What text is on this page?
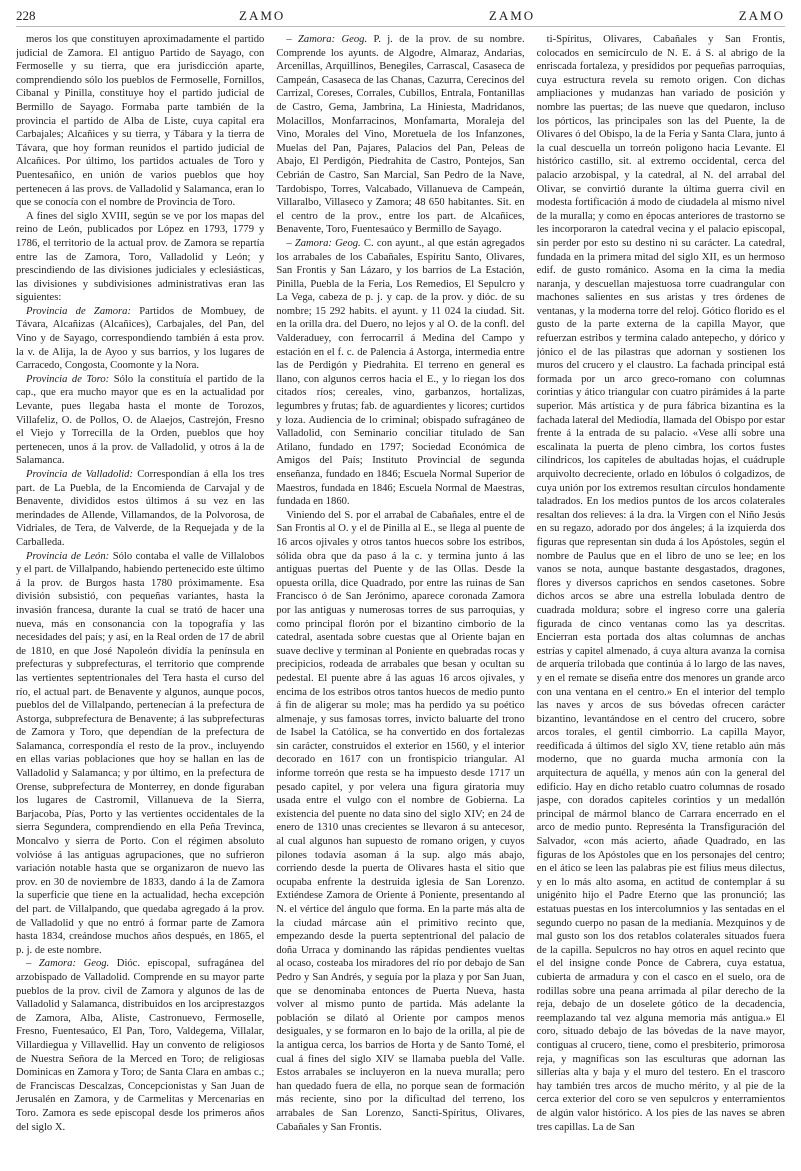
228	ZAMO	ZAMO	ZAMO

meros los que constituyen aproximadamente el partido judicial de Zamora. El antiguo Partido de Sayago, con Fermoselle y su tierra, que era jurisdicción aparte, comprendiendo sólo los pueblos de Fermoselle, Fornillos, Cibanal y Pinilla, constituye hoy el partido judicial de Bermillo de Sayago. Formaba parte también de la provincia el partido de Alba de Liste, cuya capital era Carbajales; Alcañices y su tierra, y Tábara y la tierra de Távara, que hoy forman reunidos el partido judicial de Alcañices. Por último, los partidos actuales de Toro y Puentesañico, en unión de varios pueblos que hoy pertenecen á las provs. de Valladolid y Salamanca, eran lo que se conocía con el nombre de Provincia de Toro.

A fines del siglo XVIII, según se ve por los mapas del reino de León, publicados por López en 1793, 1779 y 1786, el territorio de la actual prov. de Zamora se repartía entre las de Zamora, Toro, Valladolid y León; y prescindiendo de las divisiones judiciales y eclesiásticas, las divisiones y subdivisiones administrativas eran las siguientes:

Provincia de Zamora: Partidos de Mombuey, de Távara, Alcañizas (Alcañices), Carbajales, del Pan, del Vino y de Sayago, correspondiendo también á esta prov. la v. de Alija, la de Ayoo y sus barrios, y los lugares de Carracedo, Congosta, Coomonte y la Nora.

Provincia de Toro: Sólo la constituía el partido de la cap., que era mucho mayor que es en la actualidad por Levante, pues llegaba hasta el monte de Torozos, Villafeliz, O. de Pollos, O. de Alaejos, Castrejón, Fresno el Viejo y Torrecilla de la Orden, pueblos que hoy pertenecen, unos á la prov. de Valladolid, y otros á la de Salamanca.

Provincia de Valladolid: Correspondían á ella los tres part. de La Puebla, de la Encomienda de Carvajal y de Benavente, divididos estos últimos á su vez en las merindades de Allende, Villamandos, de la Polvorosa, de Vidriales, de Tera, de Valverde, de la Requejada y de la Carballeda.

Provincia de León: Sólo contaba el valle de Villalobos y el part. de Villalpando, habiendo pertenecido este último á la prov. de Burgos hasta 1780 próximamente. Esa división subsistió, con pequeñas variantes, hasta la invasión francesa, durante la cual se trató de hacer una nueva, más en consonancia con la topografía y las necesidades del país; y así, en la Real orden de 17 de abril de 1810, en que José Napoleón dividía la península en prefecturas y subprefecturas, el territorio que comprende las vertientes septentrionales del Tera hasta el curso del río, el actual part. de Benavente y algunos, aunque pocos, pueblos del de Villalpando, pertenecían á la prefectura de Astorga, subprefectura de Benavente; á las subprefecturas de Zamora y Toro, que dependían de la prefectura de Salamanca, correspondía el resto de la prov., incluyendo en ellas varias poblaciones que hoy se hallan en las de Valladolid y Salamanca; y por último, en la prefectura de Orense, subprefectura de Monterrey, en donde figuraban los lugares de Castromil, Villanueva de la Sierra, Barjacoba, Pías, Porto y las vertientes occidentales de la sierra Segundera, comprendiendo en ella Peña Trevinca, Moncalvo y sierra de Porto. Con el régimen absoluto volvióse á las antiguas agrupaciones, que no sufrieron variación notable hasta que se organizaron de nuevo las prov. en 30 de noviembre de 1833, dando á la de Zamora la superficie que tiene en la actualidad, hecha excepción del part. de Villalpando, que quedaba agregado á la prov. de Valladolid y que no entró á formar parte de Zamora hasta 1834, creándose muchos años después, en 1865, el p. j. de este nombre.

– Zamora: Geog. Dióc. episcopal, sufragánea del arzobispado de Valladolid. Comprende en su mayor parte pueblos de la prov. civil de Zamora y algunos de las de Valladolid y Salamanca, distribuidos en los arciprestazgos de Zamora, Alba, Aliste, Castronuevo, Fermoselle, Fresno, Fuentesaúco, El Pan, Toro, Valdegema, Villalar, Villardiegua y Villavellid. Hay un convento de religiosos de Nuestra Señora de la Merced en Toro; de religiosas Dominicas en Zamora y Toro; de Santa Clara en ambas c.; de Franciscas Descalzas, Concepcionistas y San Juan de Jerusalén en Zamora, y de Carmelitas y Mercenarias en Toro. Zamora es sede episcopal desde los primeros años del siglo X.

– Zamora: Geog. P. j. de la prov. de su nombre. Comprende los ayunts. de Algodre, Almaraz, Andarias, Arcenillas, Arquillinos, Benegiles, Carrascal, Casaseca de Campeán, Casaseca de las Chanas, Cazurra, Cerecinos del Carrizal, Coreses, Corrales, Cubillos, Entrala, Fontanillas de Castro, Gema, Jambrina, La Hiniesta, Madridanos, Molacillos, Monfarracinos, Monfamarta, Moraleja del Vino, Morales del Vino, Moretuela de los Infanzones, Muelas del Pan, Pajares, Palacios del Pan, Peleas de Abajo, El Perdigón, Piedrahita de Castro, Pontejos, San Cebrián de Castro, San Marcial, San Pedro de la Nave, Tardobispo, Torres, Valcabado, Villanueva de Campeán, Villaralbo, Villaseco y Zamora; 48 650 habitantes. Sit. en el centro de la prov., entre los part. de Alcañices, Benavente, Toro, Fuentesaúco y Bermillo de Sayago.

– Zamora: Geog. C. con ayunt., al que están agregados los arrabales de los Cabañales, Espíritu Santo, Olivares, San Frontis y San Lázaro, y los barrios de La Estación, Pinilla, Puebla de la Feria, Los Remedios, El Sepulcro y La Vega, cabeza de p. j. y cap. de la prov. y dióc. de su nombre; 15 292 habits. el ayunt. y 11 024 la ciudad. Sit. en la orilla dra. del Duero, no lejos y al O. de la confl. del Valderaduey, con ferrocarril á Medina del Campo y estación en el f. c. de Palencia á Astorga, intermedia entre las de Perdigón y Piedrahita. El terreno en general es llano, con algunos cerros hacia el E., y lo riegan los dos citados ríos; cereales, vino, garbanzos, hortalizas, legumbres y frutas; fab. de aguardientes y licores; curtidos y loza. Audiencia de lo criminal; obispado sufragáneo de Valladolid, con Seminario conciliar titulado de San Atilano, fundado en 1797; Sociedad Económica de Amigos del País; Instituto Provincial de segunda enseñanza, fundado en 1846; Escuela Normal Superior de Maestros, fundada en 1846; Escuela Normal de Maestras, fundada en 1860.

Viniendo del S. por el arrabal de Cabañales, entre el de San Frontis al O. y el de Pinilla al E., se llega al puente de 16 arcos ojivales y otros tantos huecos sobre los estribos, sólida obra que da paso á la c. y termina junto á las antiguas puertas del Puente y de las Ollas. Desde la opuesta orilla, dice Quadrado, por entre las ruinas de San Francisco ó de San Jerónimo, aparece coronada Zamora por las antiguas y numerosas torres de sus parroquias, y como principal florón por el bizantino cimborio de la catedral, asentada sobre cuestas que al Oriente bajan en suave declive y terminan al Poniente en quebradas rocas y precipicios, rodeada de arrabales que besan y ocultan su pedestal. El puente abre á las aguas 16 arcos ojivales, y encima de los estribos otros tantos huecos de medio punto á fin de aligerar su mole; mas ha perdido ya su poético almenaje, y sus famosas torres, invicto baluarte del trono de Isabel la Católica, se ha convertido en dos fortalezas sin carácter, construidos el exterior en 1560, y el interior decorado en 1617 con un frontispicio triangular. Al informe torreón que resta se ha impuesto desde 1717 un pesado capitel, y por velera una figura giratoria muy usada entre el vulgo con el nombre de Gobierna. La existencia del puente no data sino del siglo XIV; en 24 de enero de 1310 unas crecientes se llevaron á su antecesor, al cual algunos han supuesto de romano origen, y cuyos pilones todavía asoman á la sup. algo más abajo, corriendo desde la puerta de Olivares hasta el sitio que ocupaba enfrente la destruida iglesia de San Lorenzo. Extiéndese Zamora de Oriente á Poniente, presentando al N. el vértice del ángulo que forma. En la parte más alta de la ciudad márcase aún el primitivo recinto que, empezando desde la puerta septentrional del palacio de doña Urraca y dominando las rápidas pendientes vueltas al ocaso, costeaba los miradores del río por debajo de San Pedro y San Andrés, y seguía por la plaza y por San Juan, que se denominaba entonces de Puerta Nueva, hasta volver al mismo punto de partida. Más adelante la población se dilató al Oriente por campos menos desiguales, y se formaron en lo bajo de la orilla, al pie de la antigua cerca, los barrios de Horta y de Santo Tomé, el cual á fines del siglo XIV se llamaba puebla del Valle. Estos arrabales se incluyeron en la nueva muralla; pero han quedado fuera de ella, no porque sean de formación más reciente, sino por la dificultad del terreno, los arrabales de San Lorenzo, Sancti-Spíritus, Olivares, Cabañales y San Frontis.

ti-Spíritus, Olivares, Cabañales y San Frontis, colocados en semicírculo de N. E. á S. al abrigo de la enriscada fortaleza, y presididos por pequeñas parroquias, cuya estructura revela su remoto origen. Con dichas ampliaciones y mudanzas han variado de posición y nombre las puertas; de las nueve que quedaron, incluso los pórticos, las principales son las del Puente, la de Olivares ó del Obispo, la de la Feria y Santa Clara, junto á la cual descuella un torreón poligono hacia Levante. El histórico castillo, sit. al extremo occidental, cerca del palacio arzobispal, y la catedral, al N. del arrabal del Olivar, se convirtió durante la última guerra civil en modesta fortificación á modo de ciudadela al mismo nivel de la muralla; y como en épocas anteriores de trastorno se les incorporaron la catedral vecina y el palacio episcopal, sin perder por esto su destino ni su carácter. La catedral, fundada en la primera mitad del siglo XII, es un hermoso edif. de gusto románico. Asoma en la cima la media naranja, y descuellan majestuosa torre cuadrangular con machones salientes en sus aristas y tres órdenes de ventanas, y la moderna torre del reloj. Gótico florido es el gusto de la parte externa de la capilla Mayor, que refuerzan estribos y termina calado antepecho, y dórico y jónico el de las pilastras que adornan y sostienen los muros del crucero y el claustro. La fachada principal está formada por un arco greco-romano con columnas corintias y ático triangular con cuatro pirámides á la parte superior. Más artística y de pura fábrica bizantina es la fachada lateral del Mediodía, llamada del Obispo por estar frente á la entrada de su palacio. «Vese allí sobre una escalinata la puerta de pleno cimbra, los cortos fustes cilíndricos, los capiteles de abultadas hojas, el cuádruple arquivolto decreciente, orlado en lóbulos ó colgadizos, de cuya unión por los extremos resultan círculos hondamente taladrados. En los medios puntos de los arcos colaterales resaltan dos relieves: á la dra. la Virgen con el Niño Jesús en su regazo, adorado por dos ángeles; á la izquierda dos figuras que representan sin duda á los Apóstoles, según el nombre de Paulus que en el libro de uno se lee; en los vanos se nota, aunque bastante desgastados, dragones, flores y diversos caprichos en sendos casetones. Sobre dichos arcos se abre una estrella lobulada dentro de cuadrada moldura; sobre el ingreso corre una galería figurada de cinco ventanas como las ya descritas. Encierran esta portada dos altas columnas de anchas estrías y capitel almenado, á cuya altura avanza la cornisa de arquería trilobada que continúa á lo largo de las naves, y en el remate se diseña entre dos menores un grande arco con una ventana en el centro.» En el interior del templo las naves y arcos de sus bóvedas ofrecen carácter bizantino, levantándose en el centro del crucero, sobre arcos torales, el gentil cimborrio. La capilla Mayor, reedificada á últimos del siglo XV, tiene retablo aún más moderno, que no guarda mucha armonía con la arquitectura de aquélla, y menos aún con la general del edificio. Hay en dicho retablo cuatro columnas de rosado jaspe, con dorados capiteles corintios y un medallón principal de mármol blanco de Carrara encerrado en el arco de medio punto. Represénta la Transfiguración del Salvador, «con más acierto, añade Quadrado, en las figuras de los Apóstoles que en los personajes del centro; en el ático se leen las palabras pie est filius meus dilectus, y en lo más alto asoma, en actitud de contemplar á su unigénito hijo el Padre Eterno que las pronunció; las estatuas puestas en los intercolumnios y las sentadas en el segundo cuerpo no pasan de la medianía. Mezquinos y de mal gusto son los dos retablos colaterales situados fuera de la capilla. Sepulcros no hay otros en aquel recinto que el del insigne conde Ponce de Cabrera, cuya estatua, cubierta de armadura y con el casco en el suelo, ora de rodillas sobre una peana arrimada al pilar derecho de la reja, debajo de un doselete gótico de la decadencia, reemplazando tal vez alguna memoria más antigua.» El coro, situado debajo de las bóvedas de la nave mayor, contiguas al crucero, tiene, como el presbiterio, primorosa reja, y magníficas son las esculturas que adornan las sillerías alta y baja y el muro del testero. En el trascoro hay también tres arcos de mucho mérito, y al pie de la cerca exterior del coro se ven sepulcros y enterramientos de algún valor histórico. A los pies de las naves se abren tres capillas. La de San
